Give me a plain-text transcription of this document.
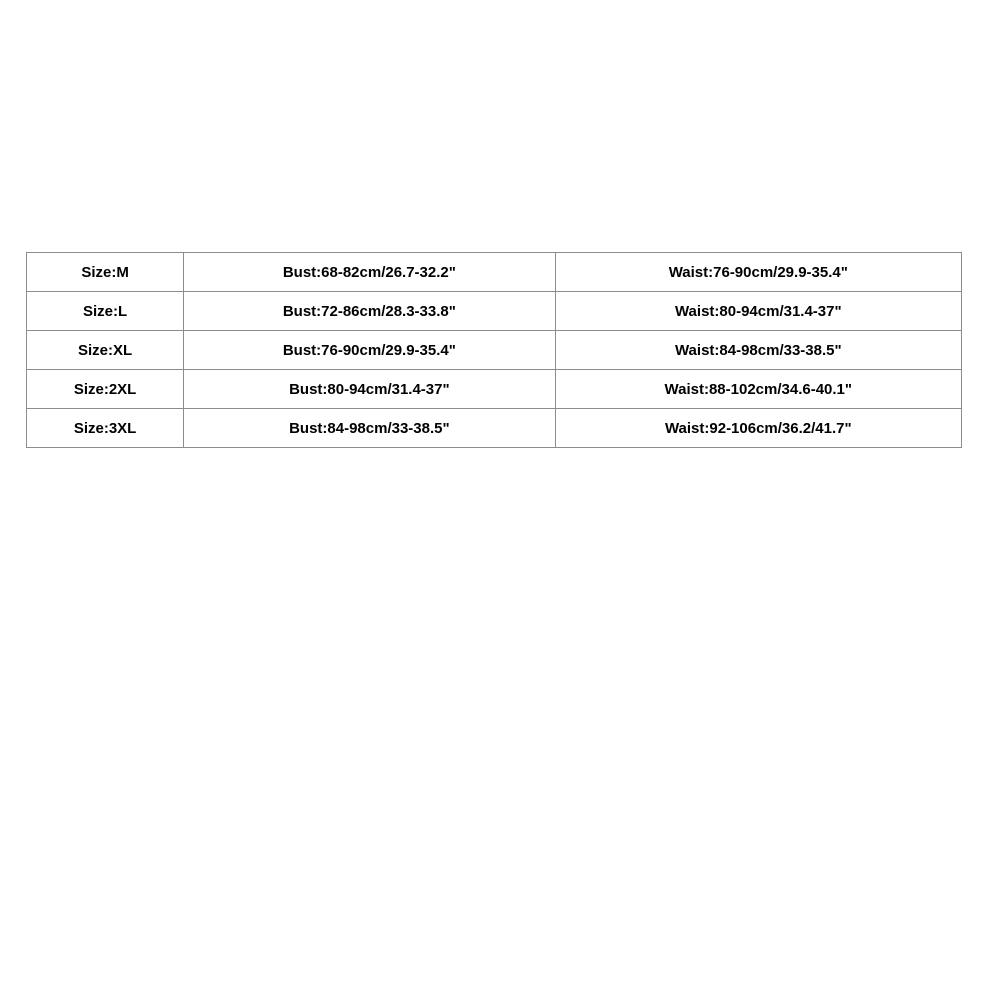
Size:M	Bust:68-82cm/26.7-32.2"	Waist:76-90cm/29.9-35.4"
Size:L	Bust:72-86cm/28.3-33.8"	Waist:80-94cm/31.4-37"
Size:XL	Bust:76-90cm/29.9-35.4"	Waist:84-98cm/33-38.5"
Size:2XL	Bust:80-94cm/31.4-37"	Waist:88-102cm/34.6-40.1"
Size:3XL	Bust:84-98cm/33-38.5"	Waist:92-106cm/36.2/41.7"
